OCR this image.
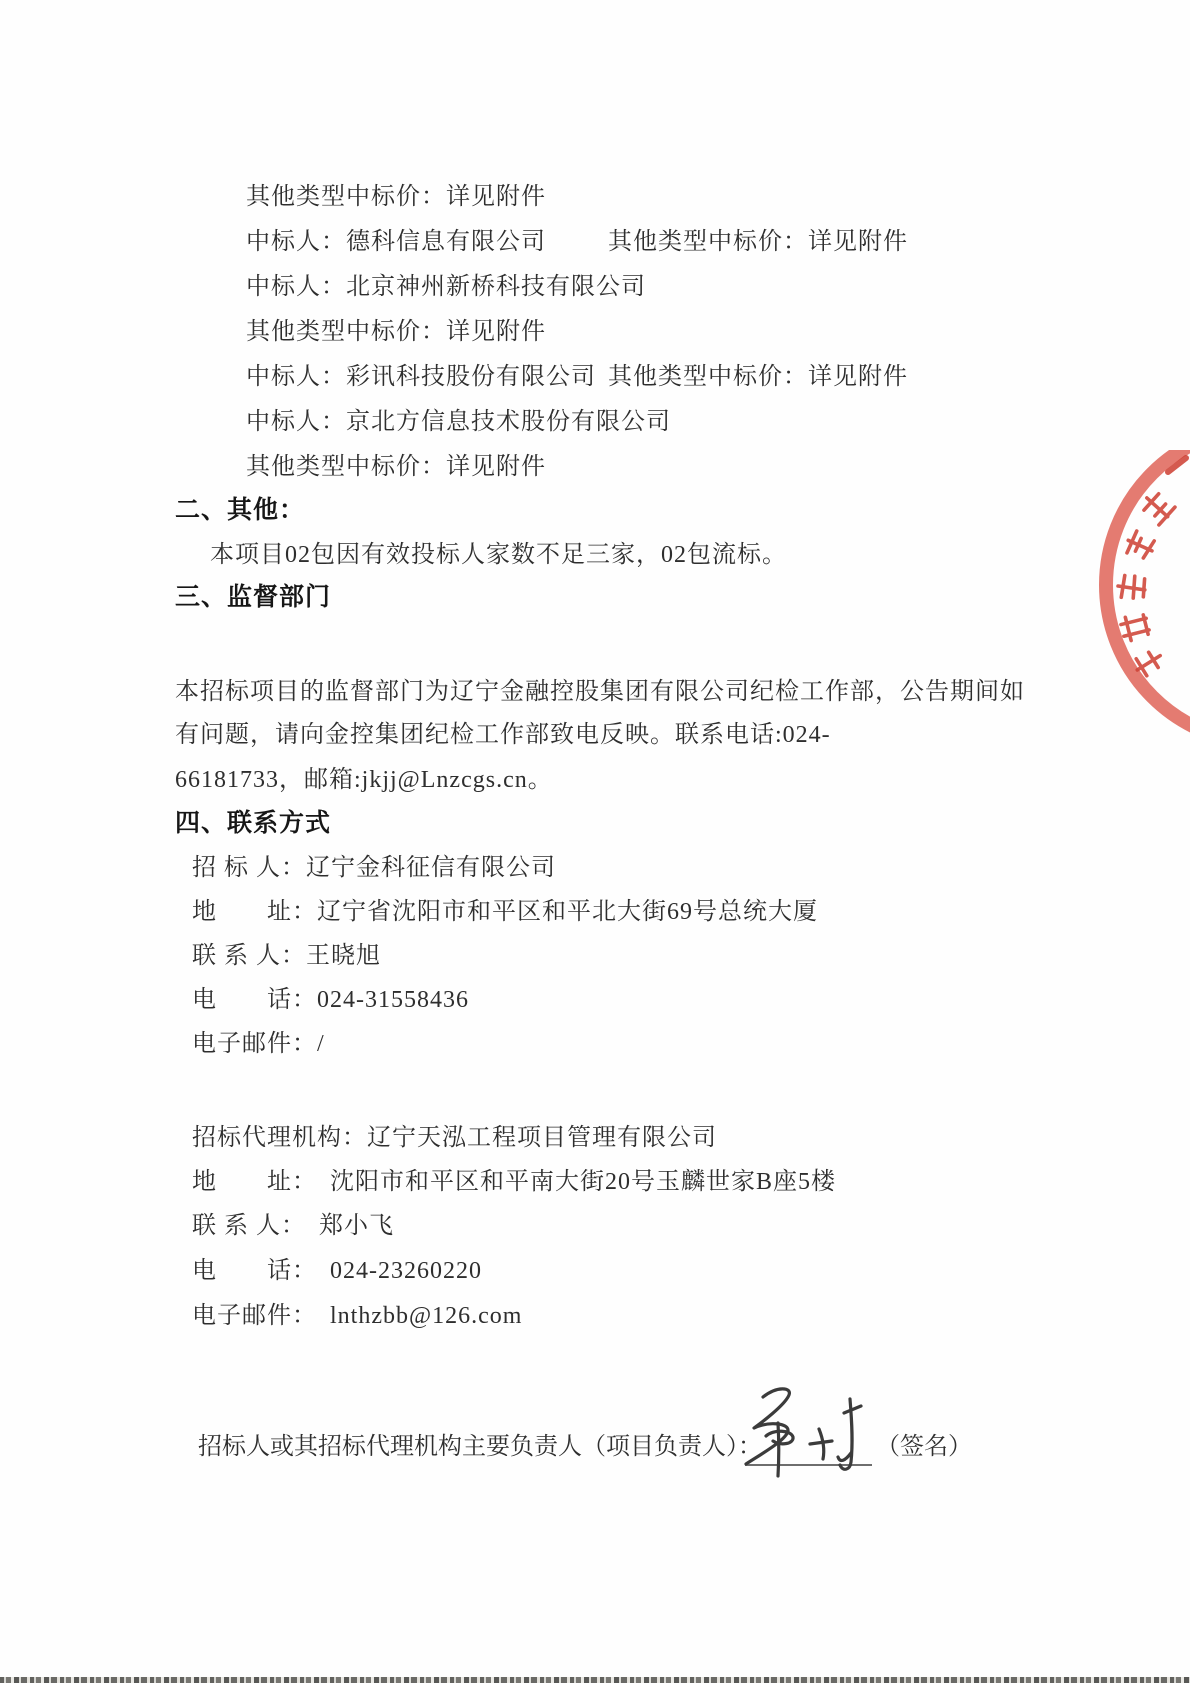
其他类型中标价：详见附件
中标人：德科信息有限公司	其他类型中标价：详见附件
中标人：北京神州新桥科技有限公司
其他类型中标价：详见附件
中标人：彩讯科技股份有限公司 其他类型中标价：详见附件
中标人：京北方信息技术股份有限公司
其他类型中标价：详见附件
二、其他：
本项目02包因有效投标人家数不足三家，02包流标。
三、监督部门
本招标项目的监督部门为辽宁金融控股集团有限公司纪检工作部，公告期间如
有问题，请向金控集团纪检工作部致电反映。联系电话:024-
66181733，邮箱:jkjj@Lnzcgs.cn。
四、联系方式
招 标 人：辽宁金科征信有限公司
地　　址：辽宁省沈阳市和平区和平北大街69号总统大厦
联 系 人：王晓旭
电　　话：024-31558436
电子邮件：/
招标代理机构：辽宁天泓工程项目管理有限公司
地　　址：　沈阳市和平区和平南大街20号玉麟世家B座5楼
联 系 人：　郑小飞
电　　话：　024-23260220
电子邮件：　lnthzbb@126.com
招标人或其招标代理机构主要负责人（项目负责人）：	（签名）
